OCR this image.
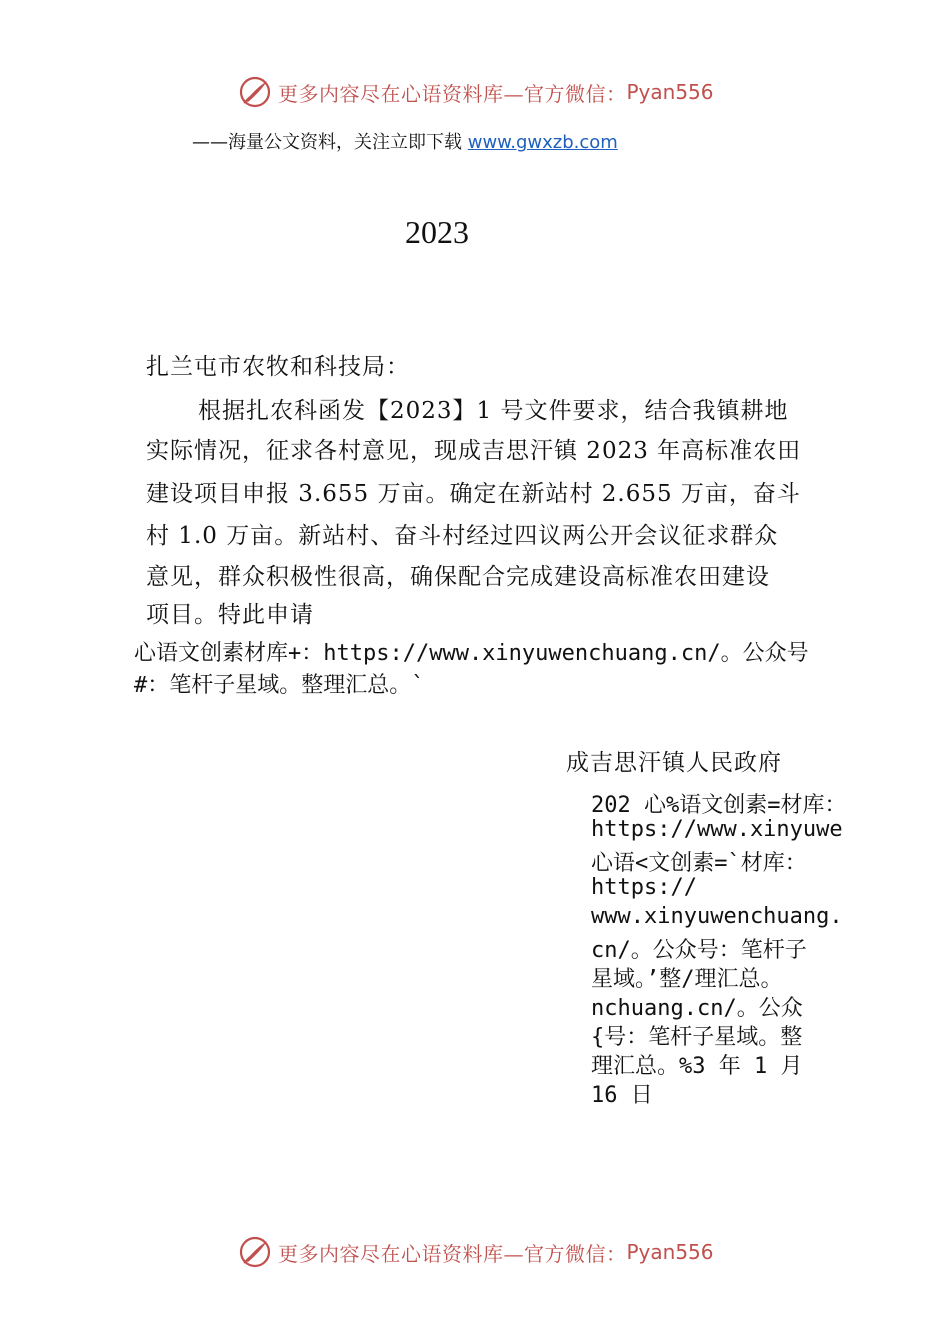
更多内容尽在心语资料库—官方微信： Pyan556
——海量公文资料，关注立即下载 www.gwxzb.com
2023
扎兰屯市农牧和科技局：
根据扎农科函发【2023】1 号文件要求，结合我镇耕地
实际情况，征求各村意见，现成吉思汗镇 2023 年高标准农田
建设项目申报 3.655 万亩。确定在新站村 2.655 万亩，奋斗
村 1.0 万亩。新站村、奋斗村经过四议两公开会议征求群众
意见，群众积极性很高，确保配合完成建设高标准农田建设
项目。特此申请
心语文创素材库+：https://www.xinyuwenchuang.cn/。公众号
#：笔杆子星域。整理汇总。`
成吉思汗镇人民政府
202 心%语文创素=材库：
https://www.xinyuwe
心语<文创素=`材库：
https://
www.xinyuwenchuang.
cn/。公众号：笔杆子
星域。’整/理汇总。
nchuang.cn/。公众
{号：笔杆子星域。整
理汇总。%3 年 1 月
16 日
更多内容尽在心语资料库—官方微信： Pyan556
